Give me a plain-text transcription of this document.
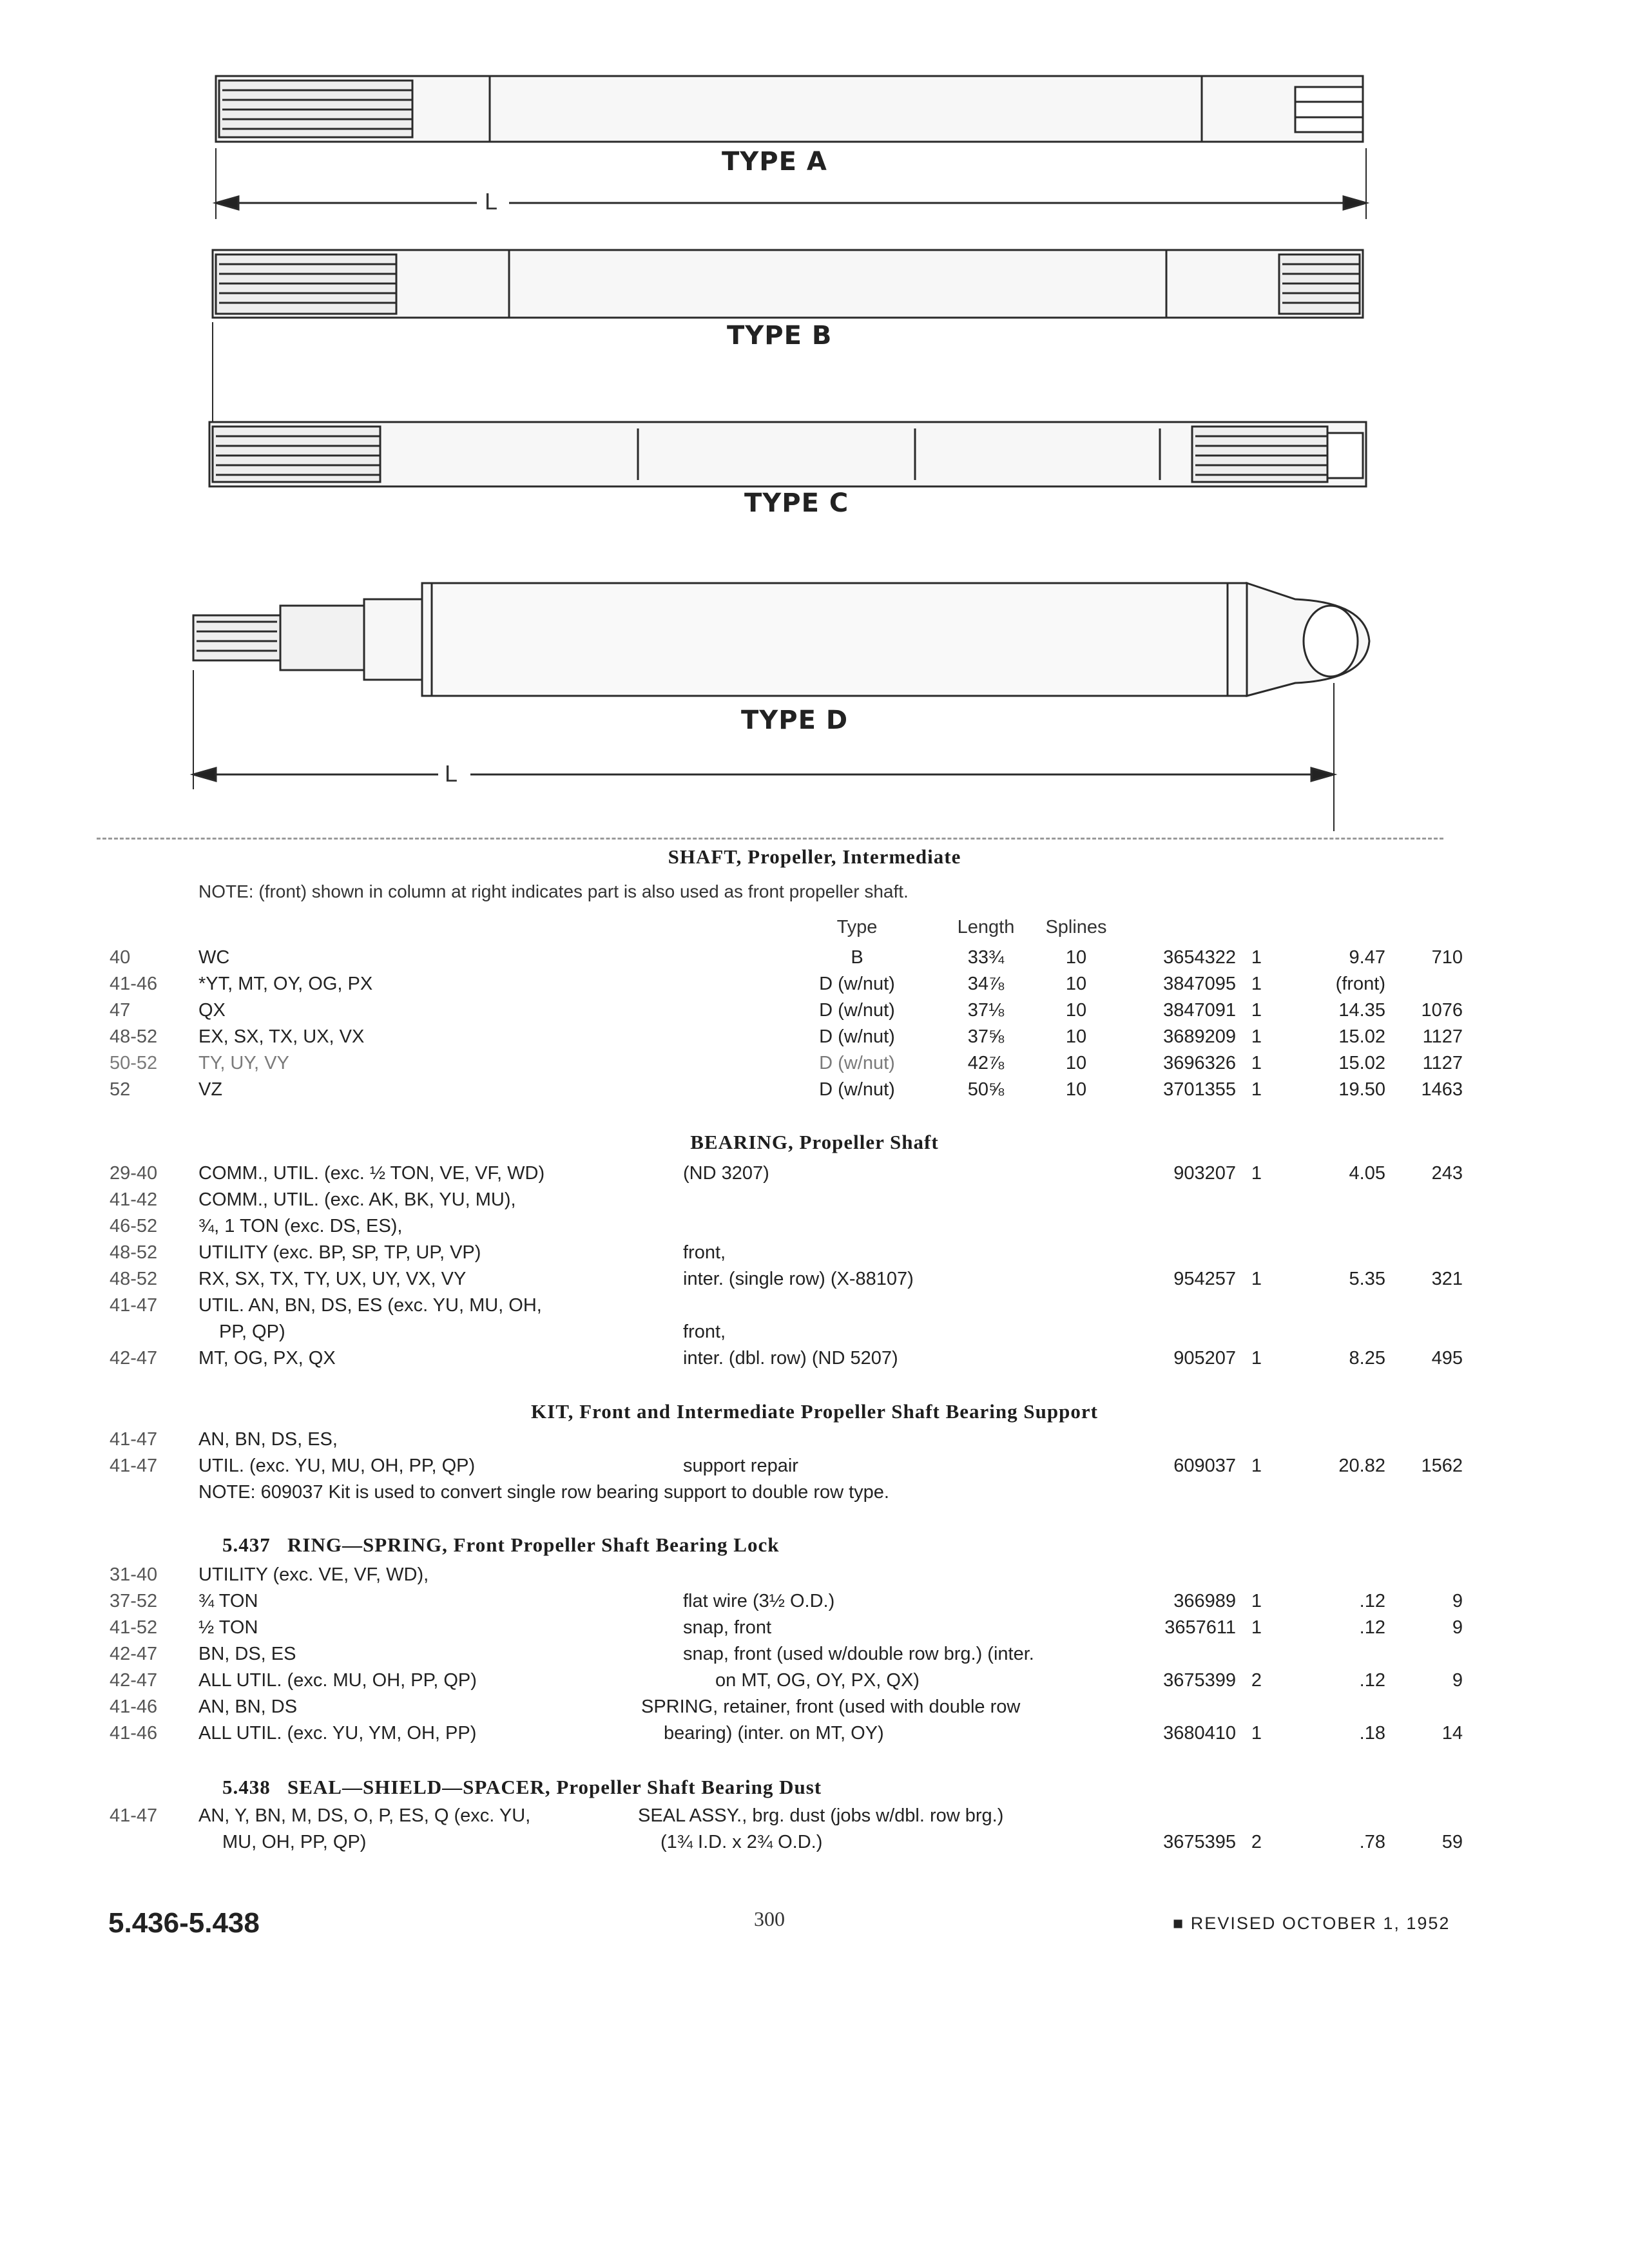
TYPE A
L
TYPE B
TYPE C
TYPE D
L
SHAFT, Propeller, Intermediate
NOTE: (front) shown in column at right indicates part is also used as front propeller shaft.
Type	Length	Splines
40	WC	B	33¾	10	3654322 1	9.47	710
41-46 *YT, MT, OY, OG, PX	D (w/nut)	34⅞	10	3847095 1	(front)
47	QX	D (w/nut)	37⅛	10	3847091 1	14.35	1076
48-52 EX, SX, TX, UX, VX	D (w/nut)	37⅝	10	3689209 1	15.02	1127
50-52 TY, UY, VY	D (w/nut)	42⅞	10	3696326 1	15.02	1127
52	VZ	D (w/nut)	50⅝	10	3701355 1	19.50	1463
BEARING, Propeller Shaft
29-40 COMM., UTIL. (exc. ½ TON, VE, VF, WD)	(ND 3207)	903207 1	4.05	243
41-42 COMM., UTIL. (exc. AK, BK, YU, MU),
46-52 ¾, 1 TON (exc. DS, ES),
48-52 UTILITY (exc. BP, SP, TP, UP, VP)	front,
48-52 RX, SX, TX, TY, UX, UY, VX, VY	inter. (single row) (X-88107)	954257 1	5.35	321
41-47 UTIL. AN, BN, DS, ES (exc. YU, MU, OH,
PP, QP)	front,
42-47 MT, OG, PX, QX	inter. (dbl. row) (ND 5207)	905207 1	8.25	495
KIT, Front and Intermediate Propeller Shaft Bearing Support
41-47 AN, BN, DS, ES,
41-47 UTIL. (exc. YU, MU, OH, PP, QP)	support repair	609037 1	20.82	1562
NOTE: 609037 Kit is used to convert single row bearing support to double row type.
5.437 RING—SPRING, Front Propeller Shaft Bearing Lock
31-40 UTILITY (exc. VE, VF, WD),
37-52 ¾ TON	flat wire (3½ O.D.)	366989 1	.12	9
41-52 ½ TON	snap, front	3657611 1	.12	9
42-47 BN, DS, ES	snap, front (used w/double row brg.) (inter.
42-47 ALL UTIL. (exc. MU, OH, PP, QP)	on MT, OG, OY, PX, QX)	3675399 2	.12	9
41-46 AN, BN, DS	SPRING, retainer, front (used with double row
41-46 ALL UTIL. (exc. YU, YM, OH, PP)	bearing) (inter. on MT, OY)	3680410 1	.18	14
5.438 SEAL—SHIELD—SPACER, Propeller Shaft Bearing Dust
41-47 AN, Y, BN, M, DS, O, P, ES, Q (exc. YU,	SEAL ASSY., brg. dust (jobs w/dbl. row brg.)
MU, OH, PP, QP)	(1¾ I.D. x 2¾ O.D.)	3675395 2	.78	59
5.436-5.438	300	■ REVISED OCTOBER 1, 1952
